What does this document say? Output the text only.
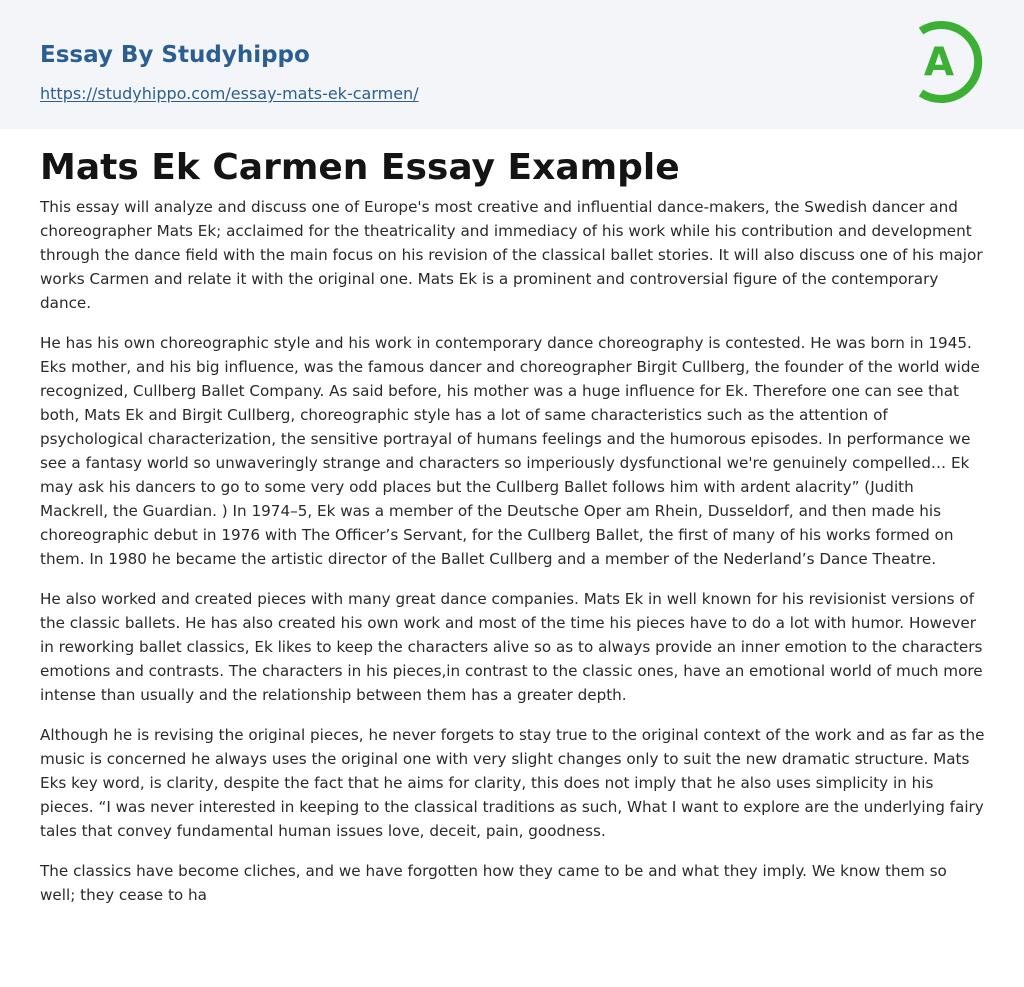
Essay By Studyhippo
https://studyhippo.com/essay-mats-ek-carmen/
A
Mats Ek Carmen Essay Example

This essay will analyze and discuss one of Europe's most creative and influential dance-makers, the Swedish dancer and choreographer Mats Ek; acclaimed for the theatricality and immediacy of his work while his contribution and development through the dance field with the main focus on his revision of the classical ballet stories. It will also discuss one of his major works Carmen and relate it with the original one. Mats Ek is a prominent and controversial figure of the contemporary dance.

He has his own choreographic style and his work in contemporary dance choreography is contested. He was born in 1945. Eks mother, and his big influence, was the famous dancer and choreographer Birgit Cullberg, the founder of the world wide recognized, Cullberg Ballet Company. As said before, his mother was a huge influence for Ek. Therefore one can see that both, Mats Ek and Birgit Cullberg, choreographic style has a lot of same characteristics such as the attention of psychological characterization, the sensitive portrayal of humans feelings and the humorous episodes. In performance we see a fantasy world so unwaveringly strange and characters so imperiously dysfunctional we're genuinely compelled… Ek may ask his dancers to go to some very odd places but the Cullberg Ballet follows him with ardent alacrity” (Judith Mackrell, the Guardian. ) In 1974–5, Ek was a member of the Deutsche Oper am Rhein, Dusseldorf, and then made his choreographic debut in 1976 with The Officer’s Servant, for the Cullberg Ballet, the first of many of his works formed on them. In 1980 he became the artistic director of the Ballet Cullberg and a member of the Nederland’s Dance Theatre.

He also worked and created pieces with many great dance companies. Mats Ek in well known for his revisionist versions of the classic ballets. He has also created his own work and most of the time his pieces have to do a lot with humor. However in reworking ballet classics, Ek likes to keep the characters alive so as to always provide an inner emotion to the characters emotions and contrasts. The characters in his pieces,in contrast to the classic ones, have an emotional world of much more intense than usually and the relationship between them has a greater depth.

Although he is revising the original pieces, he never forgets to stay true to the original context of the work and as far as the music is concerned he always uses the original one with very slight changes only to suit the new dramatic structure. Mats Eks key word, is clarity, despite the fact that he aims for clarity, this does not imply that he also uses simplicity in his pieces. “I was never interested in keeping to the classical traditions as such, What I want to explore are the underlying fairy tales that convey fundamental human issues love, deceit, pain, goodness.

The classics have become cliches, and we have forgotten how they came to be and what they imply. We know them so well; they cease to ha
